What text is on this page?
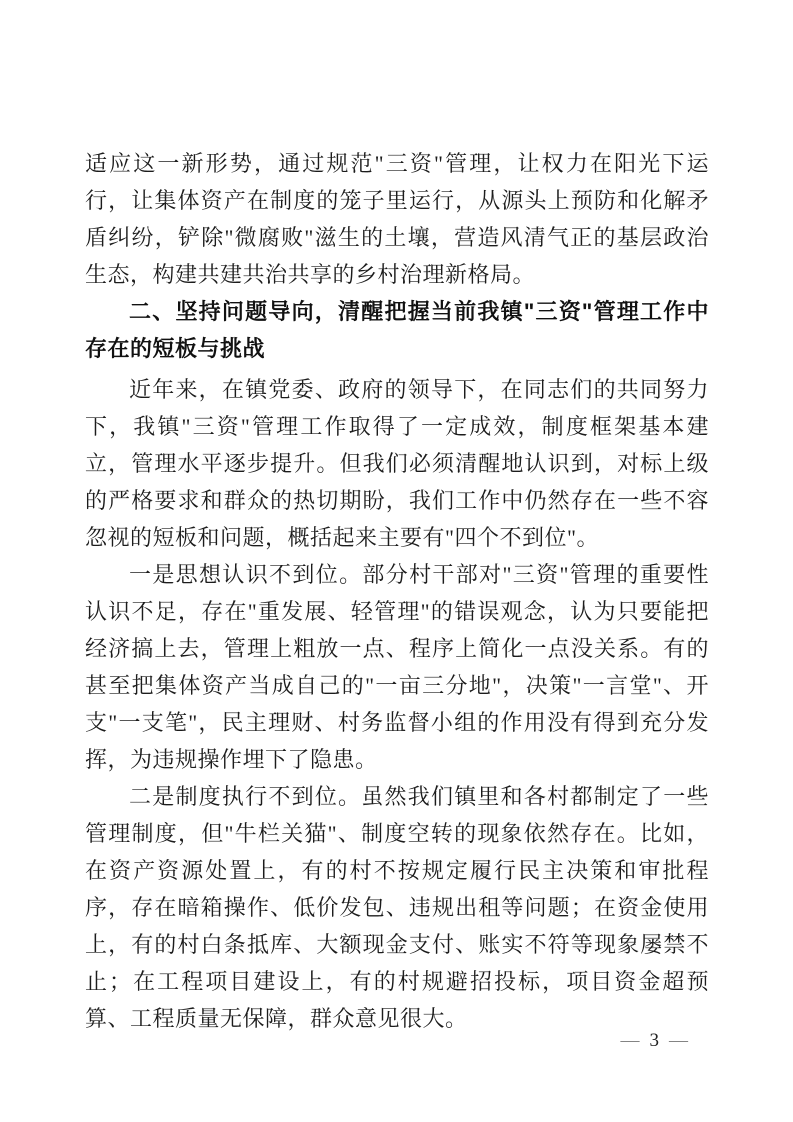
适应这一新形势，通过规范"三资"管理，让权力在阳光下运行，让集体资产在制度的笼子里运行，从源头上预防和化解矛盾纠纷，铲除"微腐败"滋生的土壤，营造风清气正的基层政治生态，构建共建共治共享的乡村治理新格局。

二、坚持问题导向，清醒把握当前我镇"三资"管理工作中存在的短板与挑战

近年来，在镇党委、政府的领导下，在同志们的共同努力下，我镇"三资"管理工作取得了一定成效，制度框架基本建立，管理水平逐步提升。但我们必须清醒地认识到，对标上级的严格要求和群众的热切期盼，我们工作中仍然存在一些不容忽视的短板和问题，概括起来主要有"四个不到位"。

一是思想认识不到位。部分村干部对"三资"管理的重要性认识不足，存在"重发展、轻管理"的错误观念，认为只要能把经济搞上去，管理上粗放一点、程序上简化一点没关系。有的甚至把集体资产当成自己的"一亩三分地"，决策"一言堂"、开支"一支笔"，民主理财、村务监督小组的作用没有得到充分发挥，为违规操作埋下了隐患。

二是制度执行不到位。虽然我们镇里和各村都制定了一些管理制度，但"牛栏关猫"、制度空转的现象依然存在。比如，在资产资源处置上，有的村不按规定履行民主决策和审批程序，存在暗箱操作、低价发包、违规出租等问题；在资金使用上，有的村白条抵库、大额现金支付、账实不符等现象屡禁不止；在工程项目建设上，有的村规避招投标，项目资金超预算、工程质量无保障，群众意见很大。

— 3 —
